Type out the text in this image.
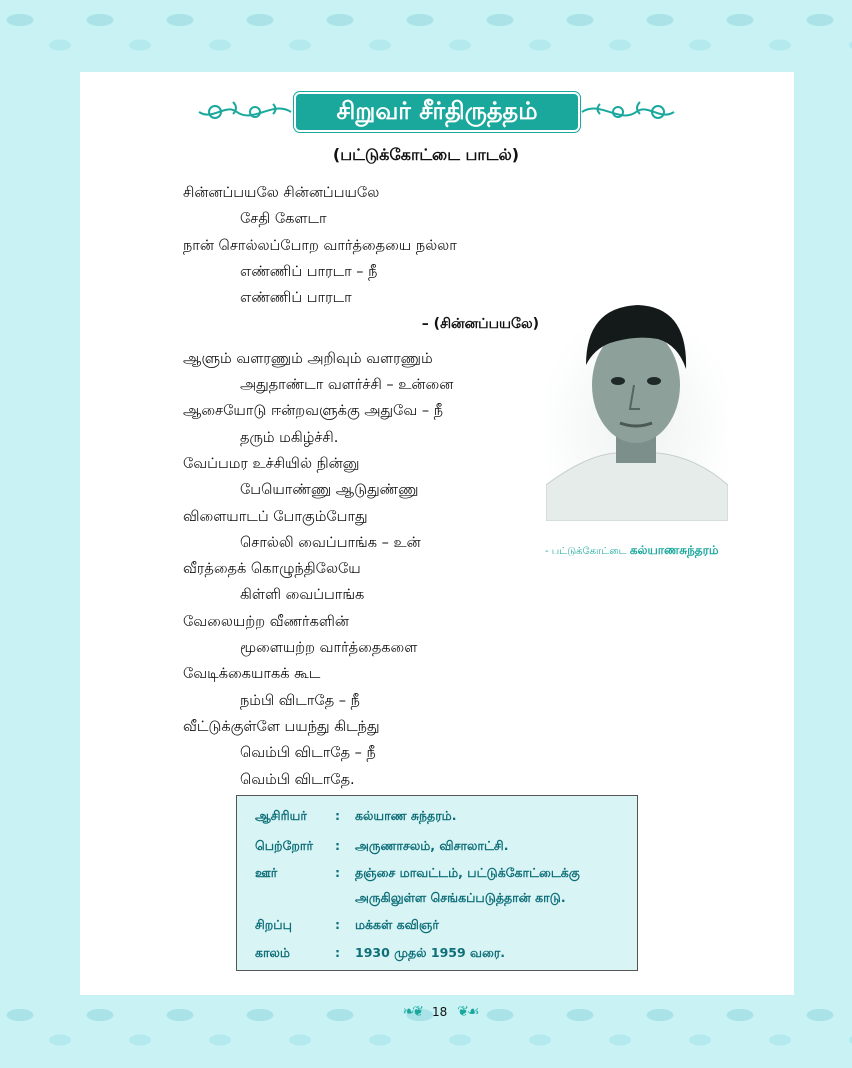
சிறுவர் சீர்திருத்தம்
(பட்டுக்கோட்டை பாடல்)
சின்னப்பயலே சின்னப்பயலே
சேதி கேளடா
நான் சொல்லப்போற வார்த்தையை நல்லா
எண்ணிப் பாரடா – நீ
எண்ணிப் பாரடா
– (சின்னப்பயலே)
ஆளும் வளரணும் அறிவும் வளரணும்
அதுதாண்டா வளர்ச்சி – உன்னை
ஆசையோடு ஈன்றவளுக்கு அதுவே – நீ
தரும் மகிழ்ச்சி.
வேப்பமர உச்சியில் நின்னு
பேயொண்ணு ஆடுதுண்ணு
விளையாடப் போகும்போது
சொல்லி வைப்பாங்க – உன்
வீரத்தைக் கொழுந்திலேயே
கிள்ளி வைப்பாங்க
வேலையற்ற வீணர்களின்
மூளையற்ற வார்த்தைகளை
வேடிக்கையாகக் கூட
நம்பி விடாதே – நீ
வீட்டுக்குள்ளே பயந்து கிடந்து
வெம்பி விடாதே – நீ
வெம்பி விடாதே.
- பட்டுக்கோட்டை கல்யாணசுந்தரம்
ஆசிரியர் : கல்யாண சுந்தரம்.
பெற்றோர் : அருணாசலம், விசாலாட்சி.
ஊர்	: தஞ்சை மாவட்டம், பட்டுக்கோட்டைக்கு
அருகிலுள்ள செங்கப்படுத்தான் காடு.
சிறப்பு	: மக்கள் கவிஞர்
காலம்	: 1930 முதல் 1959 வரை.
❧❦ 18 ❦☙
